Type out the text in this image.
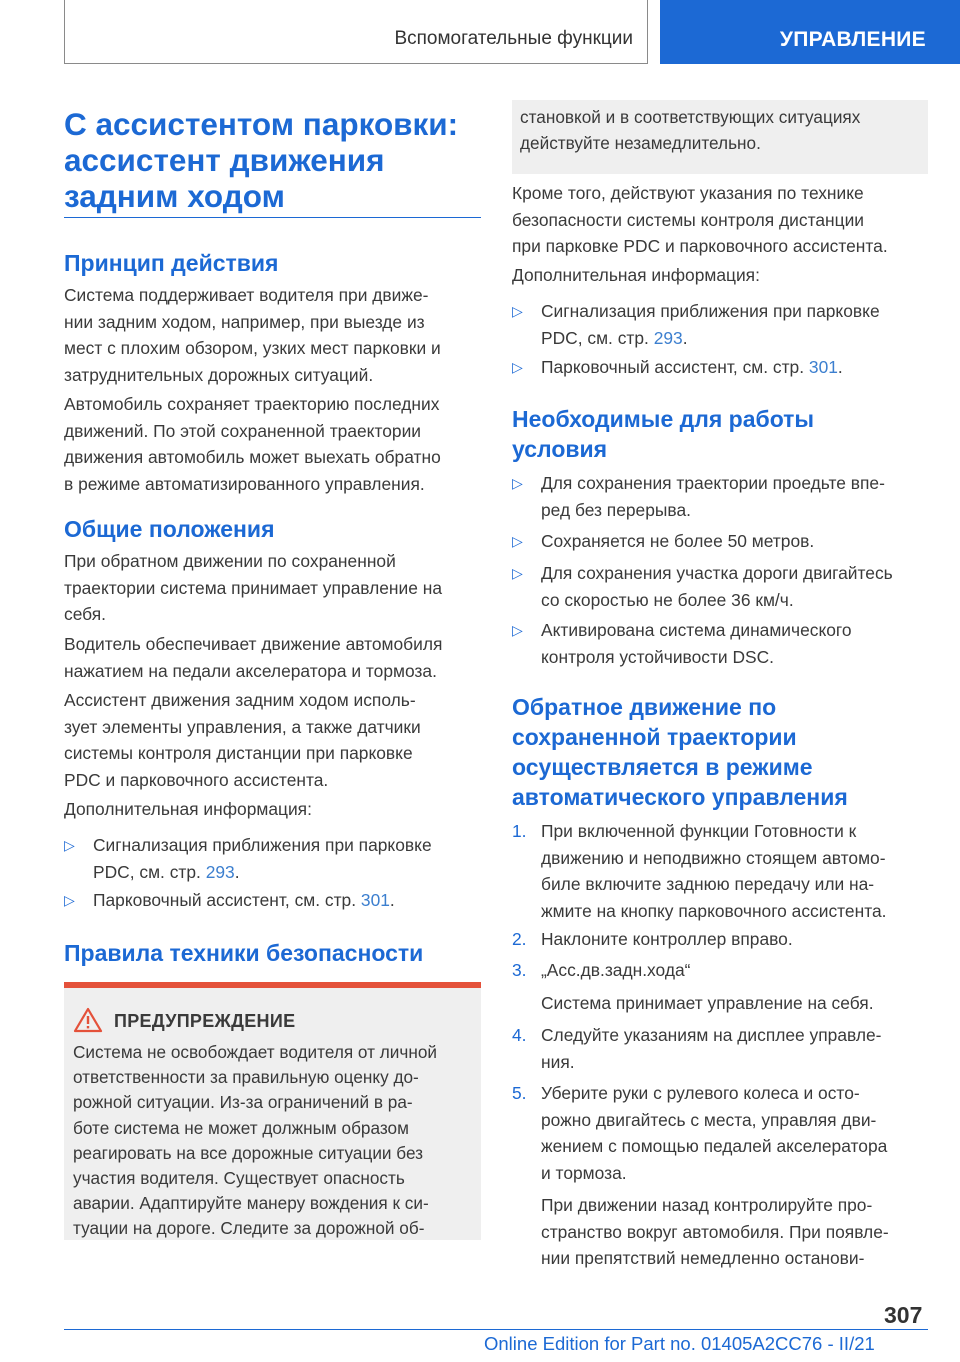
Вспомогательные функции	УПРАВЛЕНИЕ
С ассистентом парковки:
ассистент движения
задним ходом
Принцип действия
Система поддерживает водителя при движе-
нии задним ходом, например, при выезде из
мест с плохим обзором, узких мест парковки и
затруднительных дорожных ситуаций.
Автомобиль сохраняет траекторию последних
движений. По этой сохраненной траектории
движения автомобиль может выехать обратно
в режиме автоматизированного управления.
Общие положения
При обратном движении по сохраненной
траектории система принимает управление на
себя.
Водитель обеспечивает движение автомобиля
нажатием на педали акселератора и тормоза.
Ассистент движения задним ходом исполь-
зует элементы управления, а также датчики
системы контроля дистанции при парковке
PDC и парковочного ассистента.
Дополнительная информация:
▷ Сигнализация приближения при парковке
PDC, см. стр. 293.
▷ Парковочный ассистент, см. стр. 301.
Правила техники безопасности
ПРЕДУПРЕЖДЕНИЕ
Система не освобождает водителя от личной
ответственности за правильную оценку до-
рожной ситуации. Из-за ограничений в ра-
боте система не может должным образом
реагировать на все дорожные ситуации без
участия водителя. Существует опасность
аварии. Адаптируйте манеру вождения к си-
туации на дороге. Следите за дорожной об-
становкой и в соответствующих ситуациях
действуйте незамедлительно.
Кроме того, действуют указания по технике
безопасности системы контроля дистанции
при парковке PDC и парковочного ассистента.
Дополнительная информация:
▷ Сигнализация приближения при парковке
PDC, см. стр. 293.
▷ Парковочный ассистент, см. стр. 301.
Необходимые для работы
условия
▷ Для сохранения траектории проедьте впе-
ред без перерыва.
▷ Сохраняется не более 50 метров.
▷ Для сохранения участка дороги двигайтесь
со скоростью не более 36 км/ч.
▷ Активирована система динамического
контроля устойчивости DSC.
Обратное движение по
сохраненной траектории
осуществляется в режиме
автоматического управления
1. При включенной функции Готовности к
движению и неподвижно стоящем автомо-
биле включите заднюю передачу или на-
жмите на кнопку парковочного ассистента.
2. Наклоните контроллер вправо.
3. „Асс.дв.задн.хода“
Система принимает управление на себя.
4. Следуйте указаниям на дисплее управле-
ния.
5. Уберите руки с рулевого колеса и осто-
рожно двигайтесь с места, управляя дви-
жением с помощью педалей акселератора
и тормоза.
При движении назад контролируйте про-
странство вокруг автомобиля. При появле-
нии препятствий немедленно останови-
307
Online Edition for Part no. 01405A2CC76 - II/21
